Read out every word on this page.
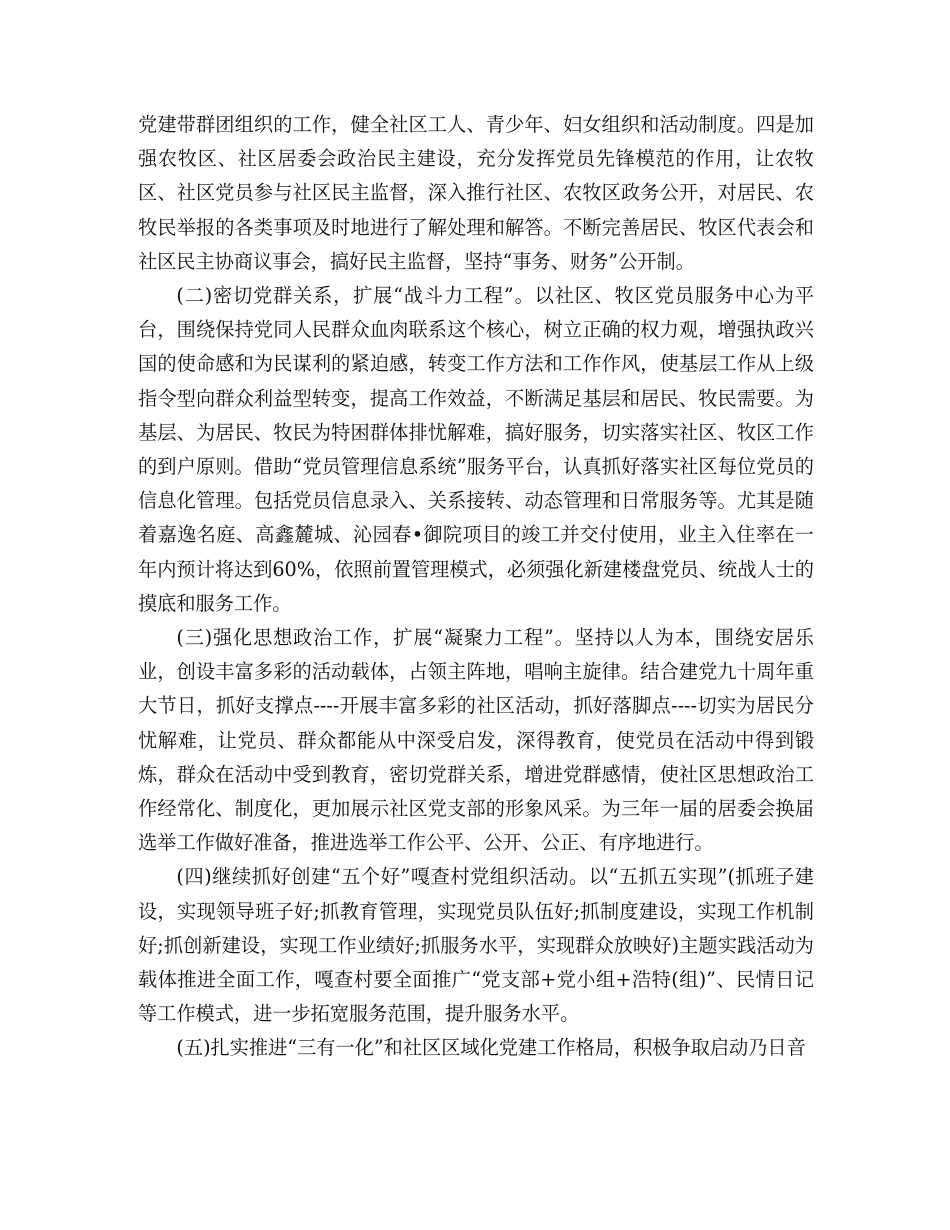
党建带群团组织的工作，健全社区工人、青少年、妇女组织和活动制度。四是加强农牧区、社区居委会政治民主建设，充分发挥党员先锋模范的作用，让农牧区、社区党员参与社区民主监督，深入推行社区、农牧区政务公开，对居民、农牧民举报的各类事项及时地进行了解处理和解答。不断完善居民、牧区代表会和社区民主协商议事会，搞好民主监督，坚持“事务、财务”公开制。

(二)密切党群关系，扩展“战斗力工程”。以社区、牧区党员服务中心为平台，围绕保持党同人民群众血肉联系这个核心，树立正确的权力观，增强执政兴国的使命感和为民谋利的紧迫感，转变工作方法和工作作风，使基层工作从上级指令型向群众利益型转变，提高工作效益，不断满足基层和居民、牧民需要。为基层、为居民、牧民为特困群体排忧解难，搞好服务，切实落实社区、牧区工作的到户原则。借助“党员管理信息系统”服务平台，认真抓好落实社区每位党员的信息化管理。包括党员信息录入、关系接转、动态管理和日常服务等。尤其是随着嘉逸名庭、高鑫麓城、沁园春•御院项目的竣工并交付使用，业主入住率在一年内预计将达到60%，依照前置管理模式，必须强化新建楼盘党员、统战人士的摸底和服务工作。

(三)强化思想政治工作，扩展“凝聚力工程”。坚持以人为本，围绕安居乐业，创设丰富多彩的活动载体，占领主阵地，唱响主旋律。结合建党九十周年重大节日，抓好支撑点----开展丰富多彩的社区活动，抓好落脚点----切实为居民分忧解难，让党员、群众都能从中深受启发，深得教育，使党员在活动中得到锻炼，群众在活动中受到教育，密切党群关系，增进党群感情，使社区思想政治工作经常化、制度化，更加展示社区党支部的形象风采。为三年一届的居委会换届选举工作做好准备，推进选举工作公平、公开、公正、有序地进行。

(四)继续抓好创建“五个好”嘎查村党组织活动。以“五抓五实现”(抓班子建设，实现领导班子好;抓教育管理，实现党员队伍好;抓制度建设，实现工作机制好;抓创新建设，实现工作业绩好;抓服务水平，实现群众放映好)主题实践活动为载体推进全面工作，嘎查村要全面推广“党支部+党小组+浩特(组)”、民情日记等工作模式，进一步拓宽服务范围，提升服务水平。

(五)扎实推进“三有一化”和社区区域化党建工作格局，积极争取启动乃日音
